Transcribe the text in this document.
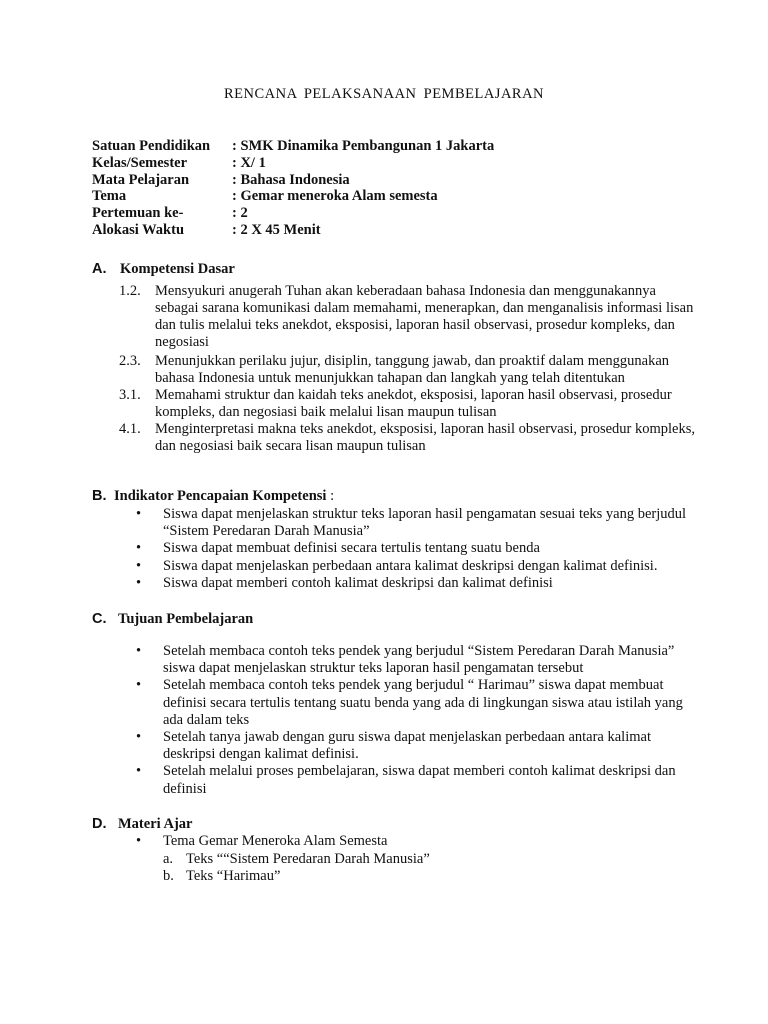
RENCANA PELAKSANAAN PEMBELAJARAN
Satuan Pendidikan	: SMK Dinamika Pembangunan 1 Jakarta
Kelas/Semester	: X/ 1
Mata Pelajaran	: Bahasa Indonesia
Tema	: Gemar meneroka Alam semesta
Pertemuan ke-	: 2
Alokasi Waktu	: 2 X 45 Menit
A. Kompetensi Dasar
1.2. Mensyukuri anugerah Tuhan akan keberadaan bahasa Indonesia dan menggunakannya sebagai sarana komunikasi dalam memahami, menerapkan, dan menganalisis informasi lisan dan tulis melalui teks anekdot, eksposisi, laporan hasil observasi, prosedur kompleks, dan negosiasi
2.3. Menunjukkan perilaku jujur, disiplin, tanggung jawab, dan proaktif dalam menggunakan bahasa Indonesia untuk menunjukkan tahapan dan langkah yang telah ditentukan
3.1. Memahami struktur dan kaidah teks anekdot, eksposisi, laporan hasil observasi, prosedur kompleks, dan negosiasi baik melalui lisan maupun tulisan
4.1. Menginterpretasi makna teks anekdot, eksposisi, laporan hasil observasi, prosedur kompleks, dan negosiasi baik secara lisan maupun tulisan
B. Indikator Pencapaian Kompetensi :
•	Siswa dapat menjelaskan struktur teks laporan hasil pengamatan sesuai teks yang berjudul “Sistem Peredaran Darah Manusia”
•	Siswa dapat membuat definisi secara tertulis tentang suatu benda
•	Siswa dapat menjelaskan perbedaan antara kalimat deskripsi dengan kalimat definisi.
•	Siswa dapat memberi contoh kalimat deskripsi dan kalimat definisi
C. Tujuan Pembelajaran
•	Setelah membaca contoh teks pendek yang berjudul “Sistem Peredaran Darah Manusia” siswa dapat menjelaskan struktur teks laporan hasil pengamatan tersebut
•	Setelah membaca contoh teks pendek yang berjudul “ Harimau” siswa dapat membuat definisi secara tertulis tentang suatu benda yang ada di lingkungan siswa atau istilah yang ada dalam teks
•	Setelah tanya jawab dengan guru siswa dapat menjelaskan perbedaan antara kalimat deskripsi dengan kalimat definisi.
•	Setelah melalui proses pembelajaran, siswa dapat memberi contoh kalimat deskripsi dan definisi
D. Materi Ajar
•	Tema Gemar Meneroka Alam Semesta
a. Teks ““Sistem Peredaran Darah Manusia”
b. Teks “Harimau”
